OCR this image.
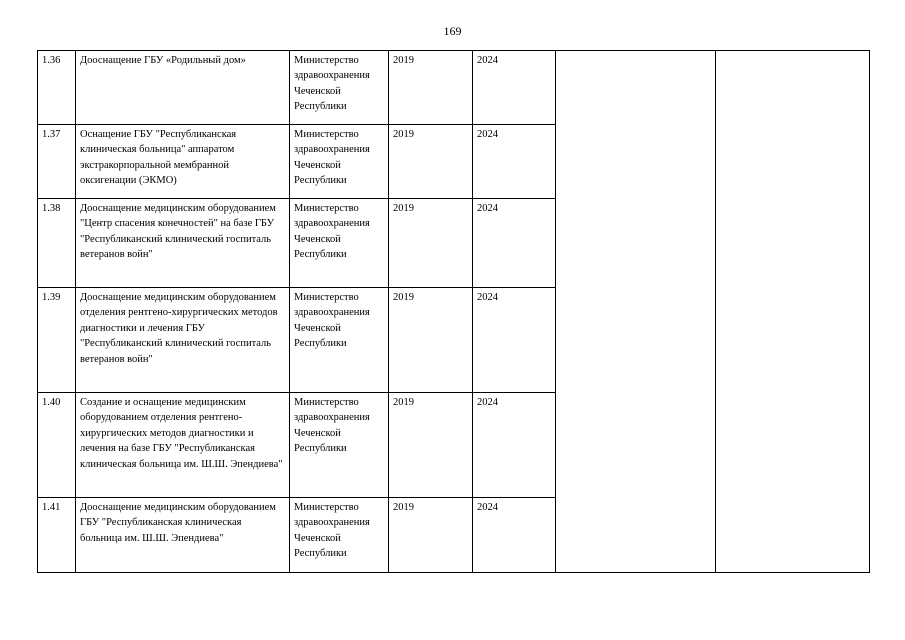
169
1.36	Дооснащение ГБУ «Родильный дом»	Министерство здравоохранения Чеченской Республики	2019	2024		
1.37	Оснащение ГБУ "Республиканская клиническая больница" аппаратом экстракорпоральной мембранной оксигенации (ЭКМО)	Министерство здравоохранения Чеченской Республики	2019	2024		
1.38	Дооснащение медицинским оборудованием "Центр спасения конечностей" на базе ГБУ "Республиканский клинический госпиталь ветеранов войн"	Министерство здравоохранения Чеченской Республики	2019	2024		
1.39	Дооснащение медицинским оборудованием отделения рентгено-хирургических методов диагностики и лечения ГБУ "Республиканский клинический госпиталь ветеранов войн"	Министерство здравоохранения Чеченской Республики	2019	2024		
1.40	Создание и оснащение медицинским оборудованием отделения рентгено-хирургических методов диагностики и лечения на базе ГБУ "Республиканская клиническая больница им. Ш.Ш. Эпендиева"	Министерство здравоохранения Чеченской Республики	2019	2024		
1.41	Дооснащение медицинским оборудованием ГБУ "Республиканская клиническая больница им. Ш.Ш. Эпендиева"	Министерство здравоохранения Чеченской Республики	2019	2024		
